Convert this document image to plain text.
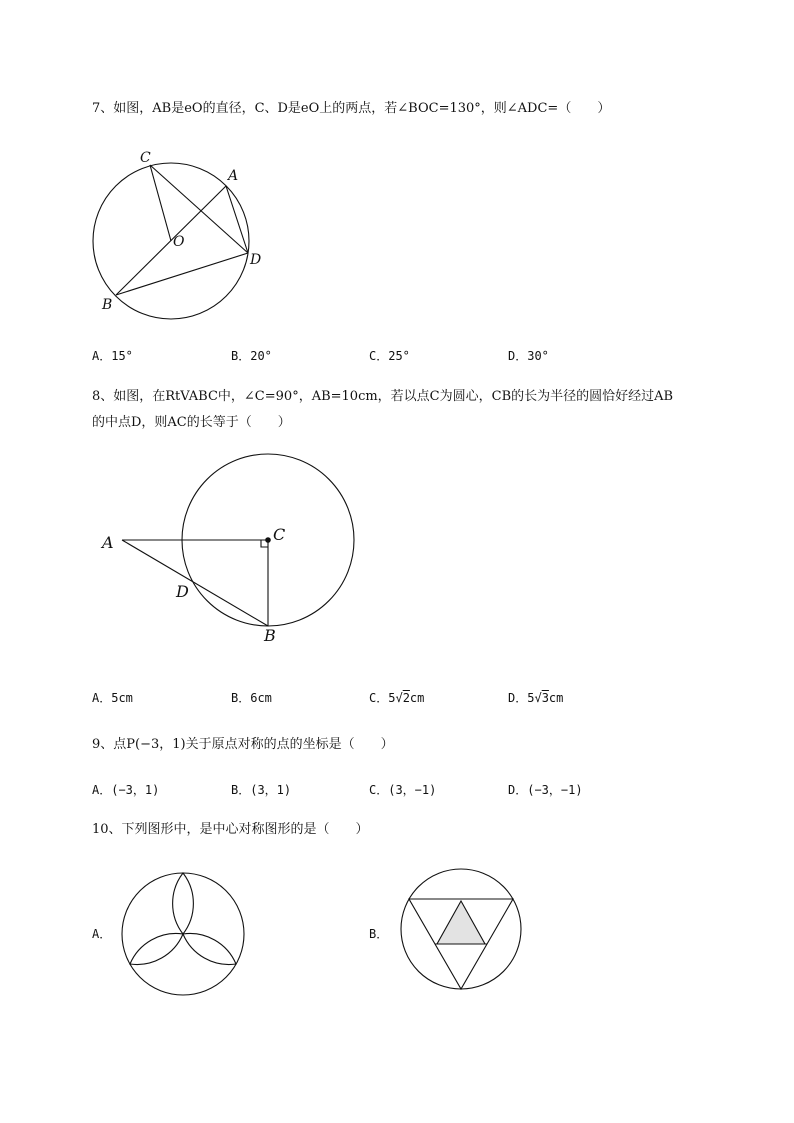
7、如图，AB是eO的直径，C、D是eO上的两点，若∠BOC=130°，则∠ADC=（　　）
C
A
O
D
B
A．15°	B．20°	C．25°	D．30°
8、如图，在RtVABC中，∠C=90°，AB=10cm，若以点C为圆心，CB的长为半径的圆恰好经过AB
的中点D，则AC的长等于（　　）
A	C
D
B
A．5cm	B．6cm	C．5√2cm	D．5√3cm
9、点P(−3，1)关于原点对称的点的坐标是（　　）
A．(−3，1)	B．(3，1)	C．(3，−1)	D．(−3，−1)
10、下列图形中，是中心对称图形的是（　　）
A．	B．
